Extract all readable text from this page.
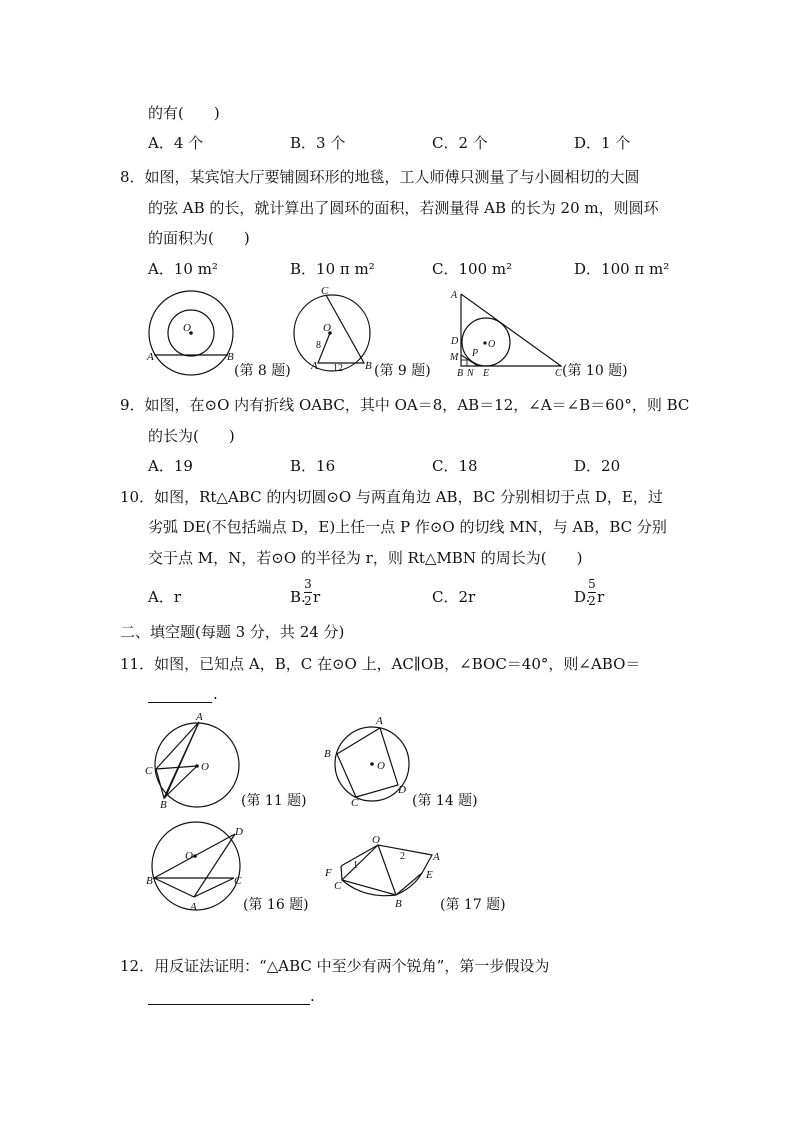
的有(　　)
A．4 个	B．3 个	C．2 个	D．1 个
8．如图，某宾馆大厅要铺圆环形的地毯，工人师傅只测量了与小圆相切的大圆
的弦 AB 的长，就计算出了圆环的面积，若测量得 AB 的长为 20 m，则圆环
的面积为(　　)
A．10 m²	B．10 π m²	C．100 m²	D．100 π m²
O
A	B
(第 8 题)
C
O
8
A 12 B (第 9 题)
A
D
M P
O
B N E	C (第 10 题)
9．如图，在⊙O 内有折线 OABC，其中 OA＝8，AB＝12，∠A＝∠B＝60°，则 BC
的长为(　　)
A．19	B．16	C．18	D．20
10．如图，Rt△ABC 的内切圆⊙O 与两直角边 AB，BC 分别相切于点 D，E，过
劣弧 DE(不包括端点 D，E)上任一点 P 作⊙O 的切线 MN，与 AB，BC 分别
交于点 M，N，若⊙O 的半径为 r，则 Rt△MBN 的周长为(　　)
A．r	B.
3
2 r	C．2r	D.
5
2 r
二、填空题(每题 3 分，共 24 分)
11．如图，已知点 A，B，C 在⊙O 上，AC∥OB，∠BOC＝40°，则∠ABO＝
.
A
C	O
B	(第 11 题)
A
B
O
C
D
(第 14 题)
D
O
B	C
A	(第 16 题)
O
2	A
F
1
E
C
B	(第 17 题)
12．用反证法证明：“△ABC 中至少有两个锐角”，第一步假设为
.
